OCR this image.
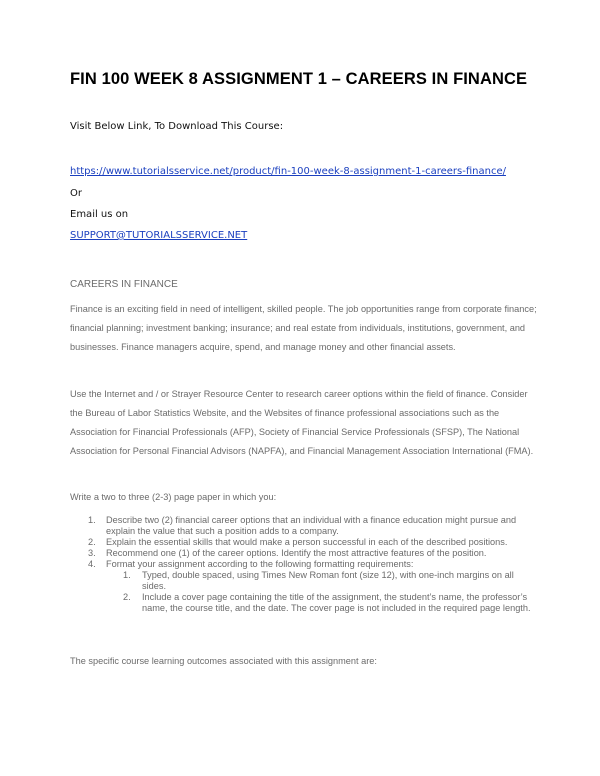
FIN 100 WEEK 8 ASSIGNMENT 1 – CAREERS IN FINANCE
Visit Below Link, To Download This Course:
https://www.tutorialsservice.net/product/fin-100-week-8-assignment-1-careers-finance/
Or
Email us on
SUPPORT@TUTORIALSSERVICE.NET
CAREERS IN FINANCE
Finance is an exciting field in need of intelligent, skilled people. The job opportunities range from corporate finance; financial planning; investment banking; insurance; and real estate from individuals, institutions, government, and businesses. Finance managers acquire, spend, and manage money and other financial assets.
Use the Internet and / or Strayer Resource Center to research career options within the field of finance. Consider the Bureau of Labor Statistics Website, and the Websites of finance professional associations such as the Association for Financial Professionals (AFP), Society of Financial Service Professionals (SFSP), The National Association for Personal Financial Advisors (NAPFA), and Financial Management Association International (FMA).
Write a two to three (2-3) page paper in which you:
1. Describe two (2) financial career options that an individual with a finance education might pursue and explain the value that such a position adds to a company.
2. Explain the essential skills that would make a person successful in each of the described positions.
3. Recommend one (1) of the career options. Identify the most attractive features of the position.
4. Format your assignment according to the following formatting requirements:
1. Typed, double spaced, using Times New Roman font (size 12), with one-inch margins on all sides.
2. Include a cover page containing the title of the assignment, the student’s name, the professor’s name, the course title, and the date. The cover page is not included in the required page length.
The specific course learning outcomes associated with this assignment are:
